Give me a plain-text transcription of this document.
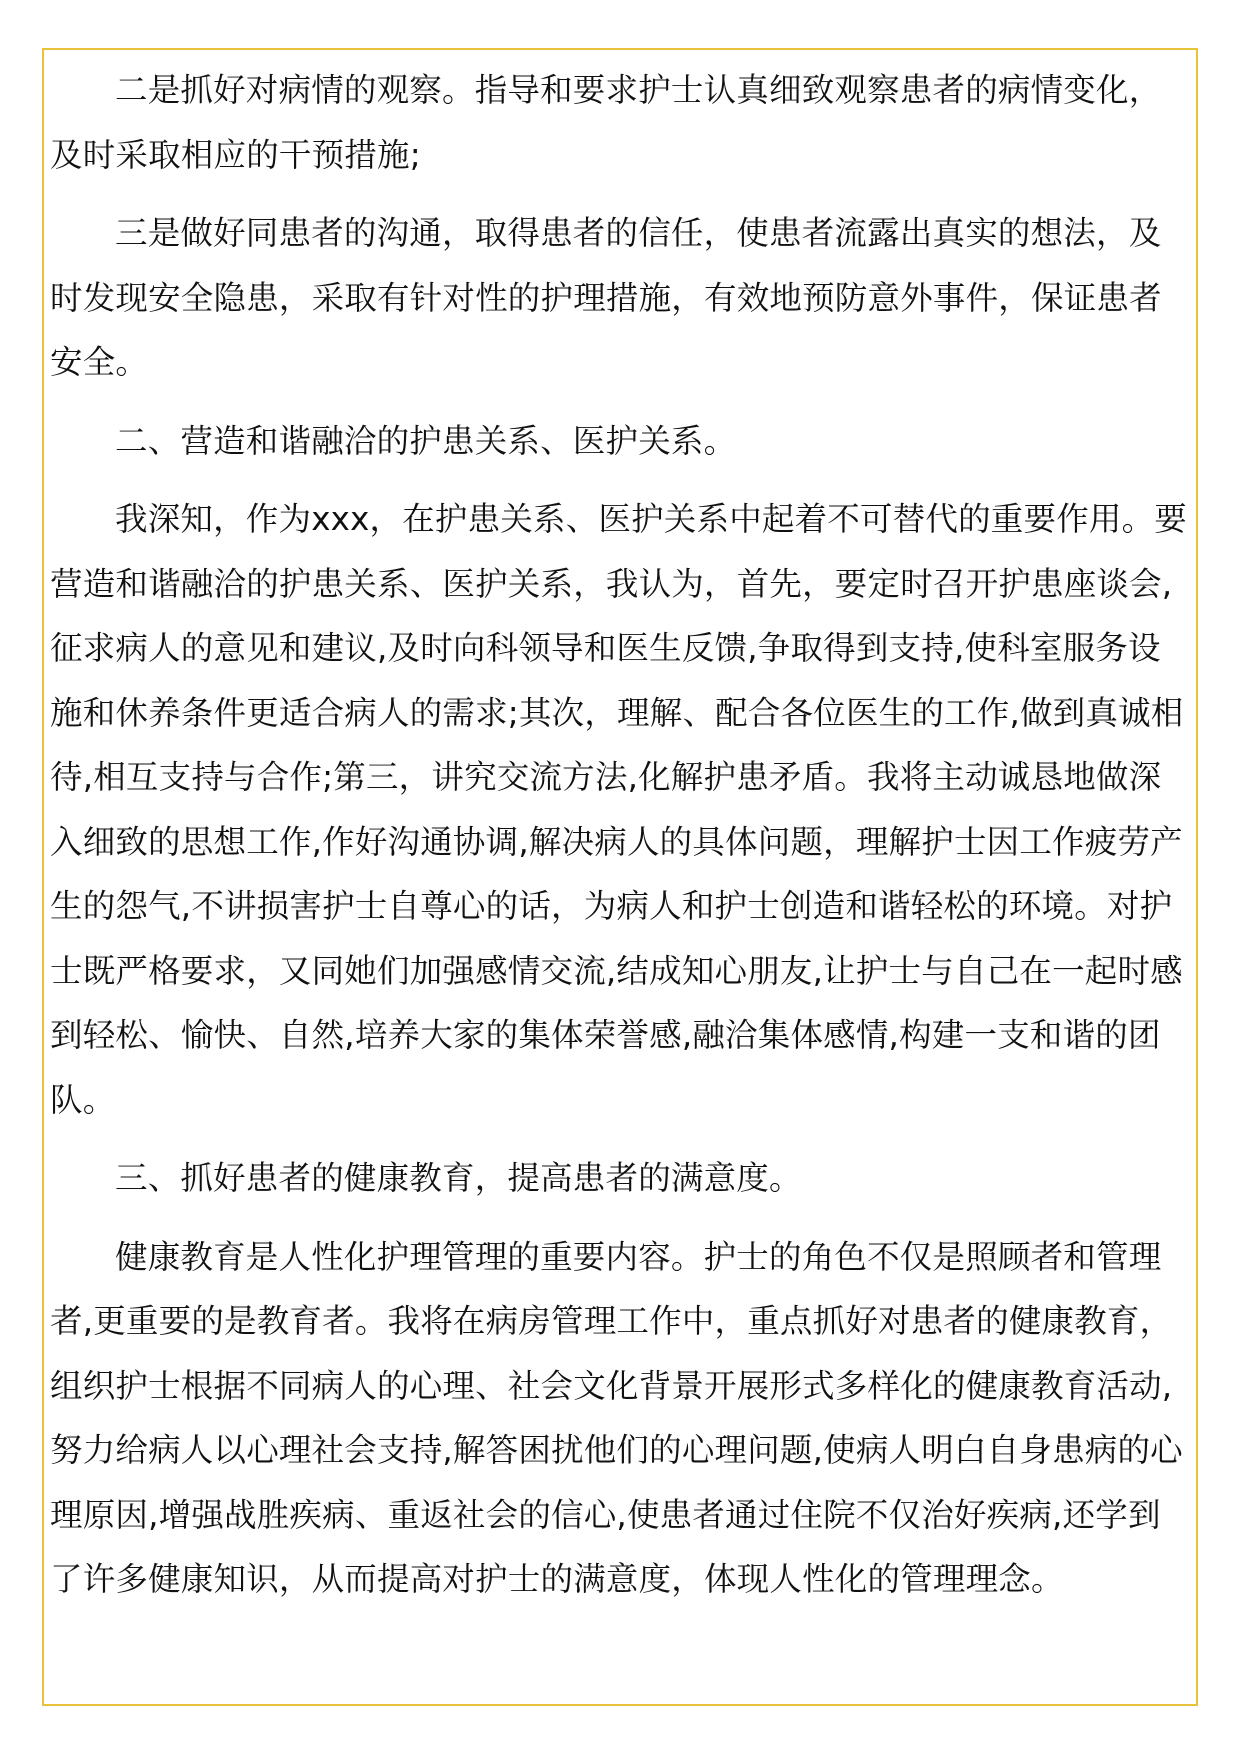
二是抓好对病情的观察。指导和要求护士认真细致观察患者的病情变化，及时采取相应的干预措施;

三是做好同患者的沟通，取得患者的信任，使患者流露出真实的想法，及时发现安全隐患，采取有针对性的护理措施，有效地预防意外事件，保证患者安全。

二、营造和谐融洽的护患关系、医护关系。

我深知，作为xxx，在护患关系、医护关系中起着不可替代的重要作用。要营造和谐融洽的护患关系、医护关系，我认为，首先，要定时召开护患座谈会,征求病人的意见和建议,及时向科领导和医生反馈,争取得到支持,使科室服务设施和休养条件更适合病人的需求;其次，理解、配合各位医生的工作,做到真诚相待,相互支持与合作;第三，讲究交流方法,化解护患矛盾。我将主动诚恳地做深入细致的思想工作,作好沟通协调,解决病人的具体问题，理解护士因工作疲劳产生的怨气,不讲损害护士自尊心的话，为病人和护士创造和谐轻松的环境。对护士既严格要求，又同她们加强感情交流,结成知心朋友,让护士与自己在一起时感到轻松、愉快、自然,培养大家的集体荣誉感,融洽集体感情,构建一支和谐的团队。

三、抓好患者的健康教育，提高患者的满意度。

健康教育是人性化护理管理的重要内容。护士的角色不仅是照顾者和管理者,更重要的是教育者。我将在病房管理工作中，重点抓好对患者的健康教育，组织护士根据不同病人的心理、社会文化背景开展形式多样化的健康教育活动,努力给病人以心理社会支持,解答困扰他们的心理问题,使病人明白自身患病的心理原因,增强战胜疾病、重返社会的信心,使患者通过住院不仅治好疾病,还学到了许多健康知识，从而提高对护士的满意度，体现人性化的管理理念。
